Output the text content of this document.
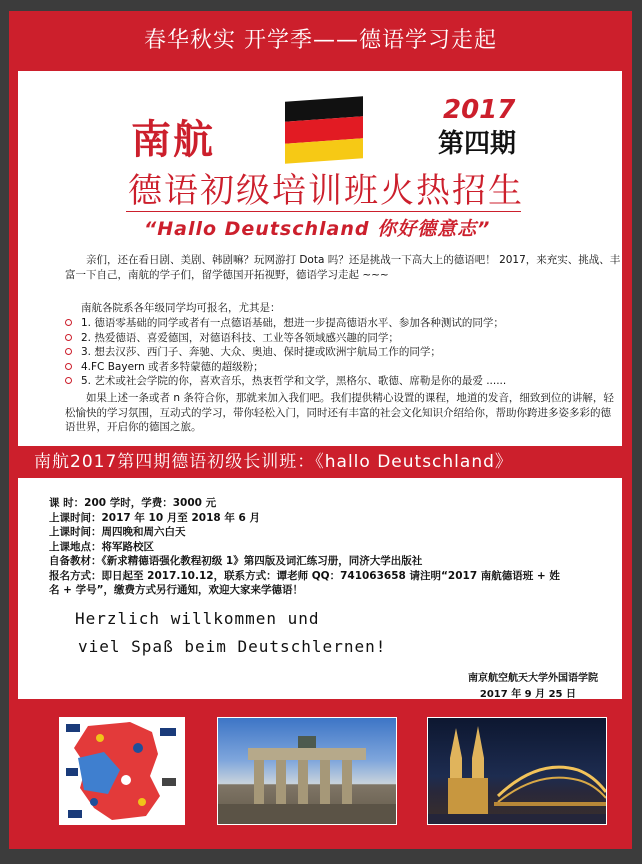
春华秋实 开学季——德语学习走起
南航
2017
第四期
德语初级培训班火热招生
“Hallo Deutschland 你好德意志”
亲们，还在看日剧、美剧、韩剧嘛？玩网游打 Dota 吗？还是挑战一下高大上的德语吧！ 2017，来充实、挑战、丰富一下自己，南航的学子们，留学德国开拓视野，德语学习走起 ~~~
南航各院系各年级同学均可报名，尤其是：
1. 德语零基础的同学或者有一点德语基础，想进一步提高德语水平、参加各种测试的同学；
2. 热爱德语、喜爱德国，对德语科技、工业等各领域感兴趣的同学；
3. 想去汉莎、西门子、奔驰、大众、奥迪、保时捷或欧洲宇航局工作的同学；
4.FC Bayern 或者多特蒙德的超级粉；
5. 艺术或社会学院的你，喜欢音乐，热衷哲学和文学，黑格尔、歌德、席勒是你的最爱 ......
如果上述一条或者 n 条符合你，那就来加入我们吧。我们提供精心设置的课程，地道的发音，细致到位的讲解，轻松愉快的学习氛围，互动式的学习，带你轻松入门，同时还有丰富的社会文化知识介绍给你，帮助你跨进多姿多彩的德语世界，开启你的德国之旅。
南航2017第四期德语初级长训班：《hallo Deutschland》
课 时：200 学时，学费：3000 元
上课时间：2017 年 10 月至 2018 年 6 月
上课时间：周四晚和周六白天
上课地点：将军路校区
自备教材：《新求精德语强化教程初级 1》第四版及词汇练习册，同济大学出版社
报名方式：即日起至 2017.10.12，联系方式：谭老师 QQ：741063658 请注明“2017 南航德语班 + 姓
名 + 学号”，缴费方式另行通知，欢迎大家来学德语！
Herzlich willkommen und
viel Spaß beim Deutschlernen!
南京航空航天大学外国语学院
2017 年 9 月 25 日
